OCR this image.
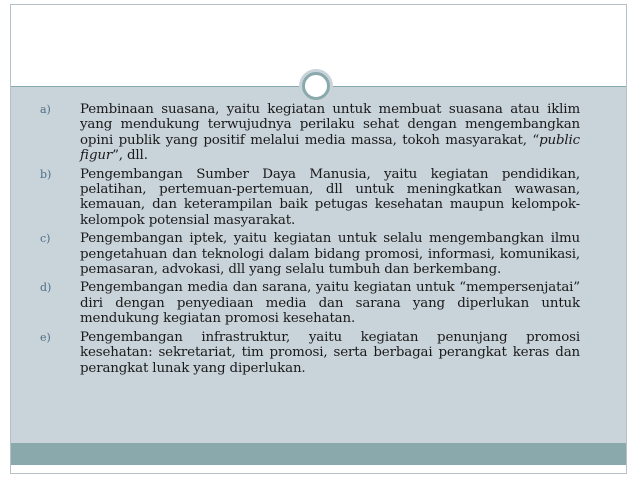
a) Pembinaan suasana, yaitu kegiatan untuk membuat suasana atau iklim yang mendukung terwujudnya perilaku sehat dengan mengembangkan opini publik yang positif melalui media massa, tokoh masyarakat, “public figur”, dll.
b) Pengembangan Sumber Daya Manusia, yaitu kegiatan pendidikan, pelatihan, pertemuan-pertemuan, dll untuk meningkatkan wawasan, kemauan, dan keterampilan baik petugas kesehatan maupun kelompok-kelompok potensial masyarakat.
c) Pengembangan iptek, yaitu kegiatan untuk selalu mengembangkan ilmu pengetahuan dan teknologi dalam bidang promosi, informasi, komunikasi, pemasaran, advokasi, dll yang selalu tumbuh dan berkembang.
d) Pengembangan media dan sarana, yaitu kegiatan untuk “mempersenjatai” diri dengan penyediaan media dan sarana yang diperlukan untuk mendukung kegiatan promosi kesehatan.
e) Pengembangan infrastruktur, yaitu kegiatan penunjang promosi kesehatan: sekretariat, tim promosi, serta berbagai perangkat keras dan perangkat lunak yang diperlukan.
